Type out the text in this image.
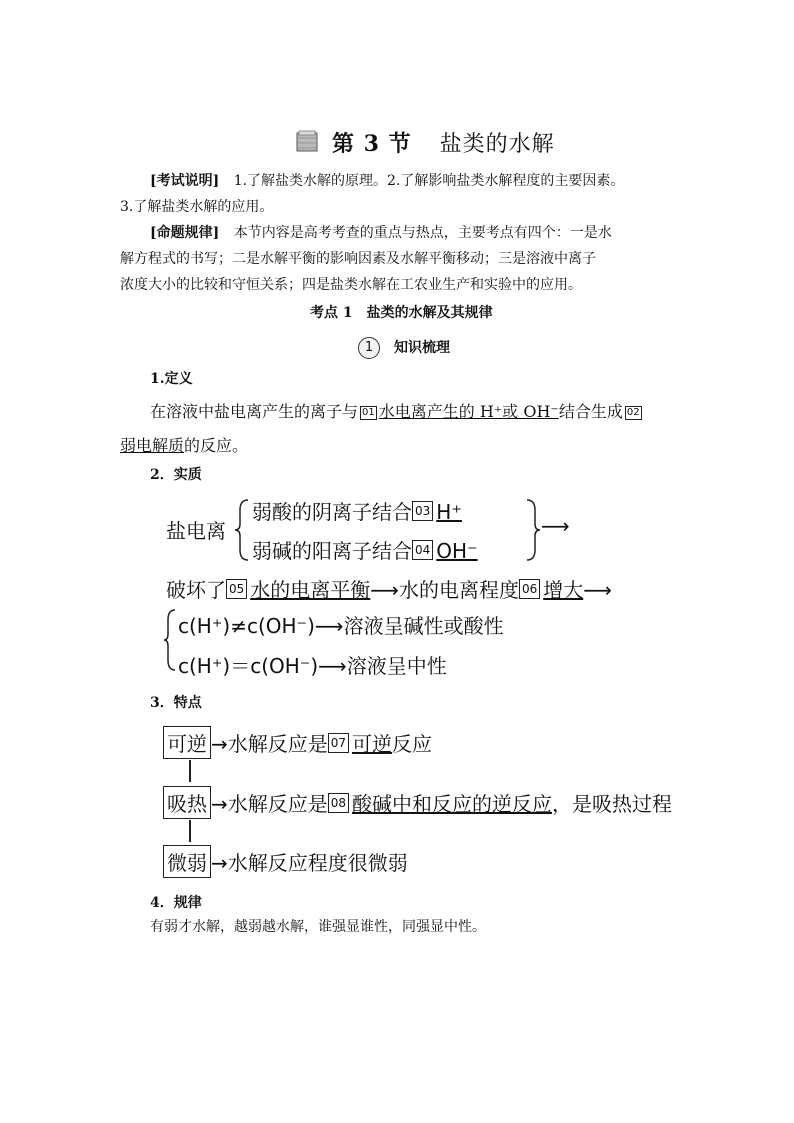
第 3 节 盐类的水解
[考试说明] 1.了解盐类水解的原理。2.了解影响盐类水解程度的主要因素。
3.了解盐类水解的应用。
[命题规律] 本节内容是高考考查的重点与热点，主要考点有四个：一是水
解方程式的书写；二是水解平衡的影响因素及水解平衡移动；三是溶液中离子
浓度大小的比较和守恒关系；四是盐类水解在工农业生产和实验中的应用。
考点 1　盐类的水解及其规律
1	知识梳理
1.定义
在溶液中盐电离产生的离子与 01 水电离产生的 H⁺或 OH⁻结合生成 02
弱电解质的反应。
2．实质
盐电离
弱酸的阴离子结合 03 H⁺
弱碱的阳离子结合 04 OH⁻
⟶
破坏了 05 水的电离平衡⟶水的电离程度 06 增大⟶
c(H⁺)≠c(OH⁻)⟶溶液呈碱性或酸性
c(H⁺)＝c(OH⁻)⟶溶液呈中性
3．特点
可逆 →水解反应是 07 可逆反应
吸热 →水解反应是 08 酸碱中和反应的逆反应，是吸热过程
微弱 →水解反应程度很微弱
4．规律
有弱才水解，越弱越水解，谁强显谁性，同强显中性。
